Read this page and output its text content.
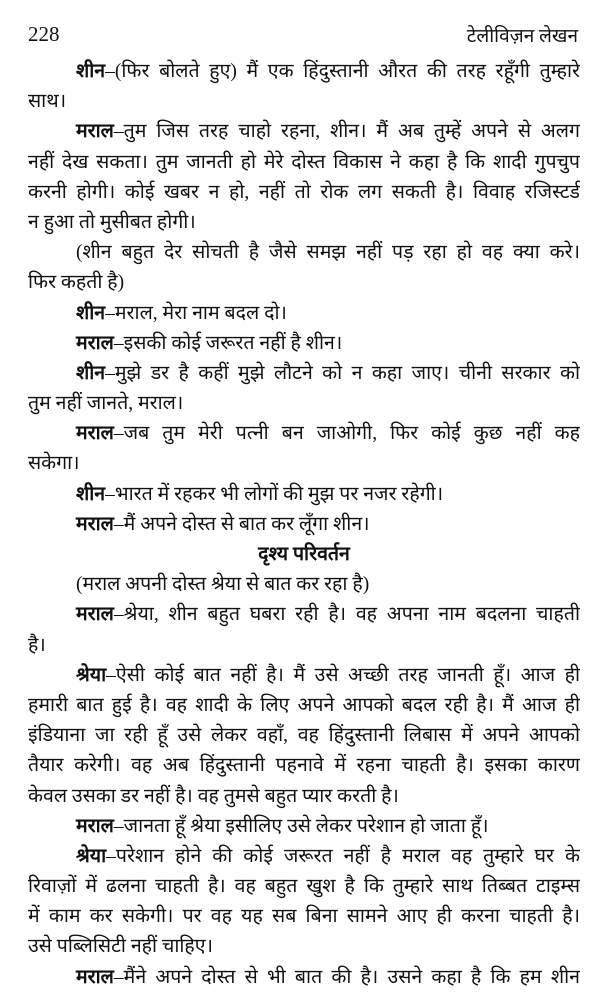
228	टेलीविज़न लेखन
शीन–(फिर बोलते हुए) मैं एक हिंदुस्तानी औरत की तरह रहूँगी तुम्हारे
साथ।
मराल–तुम जिस तरह चाहो रहना, शीन। मैं अब तुम्हें अपने से अलग
नहीं देख सकता। तुम जानती हो मेरे दोस्त विकास ने कहा है कि शादी गुपचुप
करनी होगी। कोई खबर न हो, नहीं तो रोक लग सकती है। विवाह रजिस्टर्ड
न हुआ तो मुसीबत होगी।
(शीन बहुत देर सोचती है जैसे समझ नहीं पड़ रहा हो वह क्या करे।
फिर कहती है)
शीन–मराल, मेरा नाम बदल दो।
मराल–इसकी कोई जरूरत नहीं है शीन।
शीन–मुझे डर है कहीं मुझे लौटने को न कहा जाए। चीनी सरकार को
तुम नहीं जानते, मराल।
मराल–जब तुम मेरी पत्नी बन जाओगी, फिर कोई कुछ नहीं कह
सकेगा।
शीन–भारत में रहकर भी लोगों की मुझ पर नजर रहेगी।
मराल–मैं अपने दोस्त से बात कर लूँगा शीन।
दृश्य परिवर्तन
(मराल अपनी दोस्त श्रेया से बात कर रहा है)
मराल–श्रेया, शीन बहुत घबरा रही है। वह अपना नाम बदलना चाहती
है।
श्रेया–ऐसी कोई बात नहीं है। मैं उसे अच्छी तरह जानती हूँ। आज ही
हमारी बात हुई है। वह शादी के लिए अपने आपको बदल रही है। मैं आज ही
इंडियाना जा रही हूँ उसे लेकर वहाँ, वह हिंदुस्तानी लिबास में अपने आपको
तैयार करेगी। वह अब हिंदुस्तानी पहनावे में रहना चाहती है। इसका कारण
केवल उसका डर नहीं है। वह तुमसे बहुत प्यार करती है।
मराल–जानता हूँ श्रेया इसीलिए उसे लेकर परेशान हो जाता हूँ।
श्रेया–परेशान होने की कोई जरूरत नहीं है मराल वह तुम्हारे घर के
रिवाज़ों में ढलना चाहती है। वह बहुत खुश है कि तुम्हारे साथ तिब्बत टाइम्स
में काम कर सकेगी। पर वह यह सब बिना सामने आए ही करना चाहती है।
उसे पब्लिसिटी नहीं चाहिए।
मराल–मैंने अपने दोस्त से भी बात की है। उसने कहा है कि हम शीन
